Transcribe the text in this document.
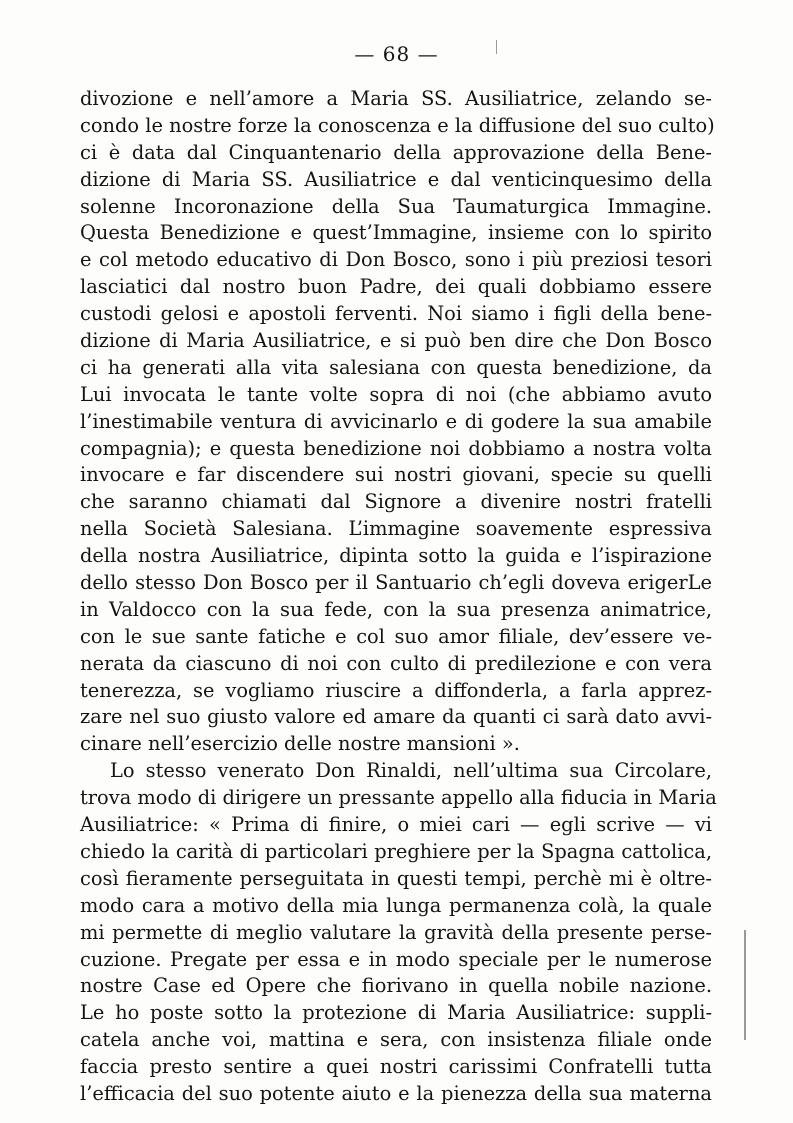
— 68 —
divozione e nell’amore a Maria SS. Ausiliatrice, zelando se-
condo le nostre forze la conoscenza e la diffusione del suo culto)
ci è data dal Cinquantenario della approvazione della Bene-
dizione di Maria SS. Ausiliatrice e dal venticinquesimo della
solenne Incoronazione della Sua Taumaturgica Immagine.
Questa Benedizione e quest’Immagine, insieme con lo spirito
e col metodo educativo di Don Bosco, sono i più preziosi tesori
lasciatici dal nostro buon Padre, dei quali dobbiamo essere
custodi gelosi e apostoli ferventi. Noi siamo i figli della bene-
dizione di Maria Ausiliatrice, e si può ben dire che Don Bosco
ci ha generati alla vita salesiana con questa benedizione, da
Lui invocata le tante volte sopra di noi (che abbiamo avuto
l’inestimabile ventura di avvicinarlo e di godere la sua amabile
compagnia); e questa benedizione noi dobbiamo a nostra volta
invocare e far discendere sui nostri giovani, specie su quelli
che saranno chiamati dal Signore a divenire nostri fratelli
nella Società Salesiana. L’immagine soavemente espressiva
della nostra Ausiliatrice, dipinta sotto la guida e l’ispirazione
dello stesso Don Bosco per il Santuario ch’egli doveva erigerLe
in Valdocco con la sua fede, con la sua presenza animatrice,
con le sue sante fatiche e col suo amor filiale, dev’essere ve-
nerata da ciascuno di noi con culto di predilezione e con vera
tenerezza, se vogliamo riuscire a diffonderla, a farla apprez-
zare nel suo giusto valore ed amare da quanti ci sarà dato avvi-
cinare nell’esercizio delle nostre mansioni ».
Lo stesso venerato Don Rinaldi, nell’ultima sua Circolare,
trova modo di dirigere un pressante appello alla fiducia in Maria
Ausiliatrice: « Prima di finire, o miei cari — egli scrive — vi
chiedo la carità di particolari preghiere per la Spagna cattolica,
così fieramente perseguitata in questi tempi, perchè mi è oltre-
modo cara a motivo della mia lunga permanenza colà, la quale
mi permette di meglio valutare la gravità della presente perse-
cuzione. Pregate per essa e in modo speciale per le numerose
nostre Case ed Opere che fiorivano in quella nobile nazione.
Le ho poste sotto la protezione di Maria Ausiliatrice: suppli-
catela anche voi, mattina e sera, con insistenza filiale onde
faccia presto sentire a quei nostri carissimi Confratelli tutta
l’efficacia del suo potente aiuto e la pienezza della sua materna
